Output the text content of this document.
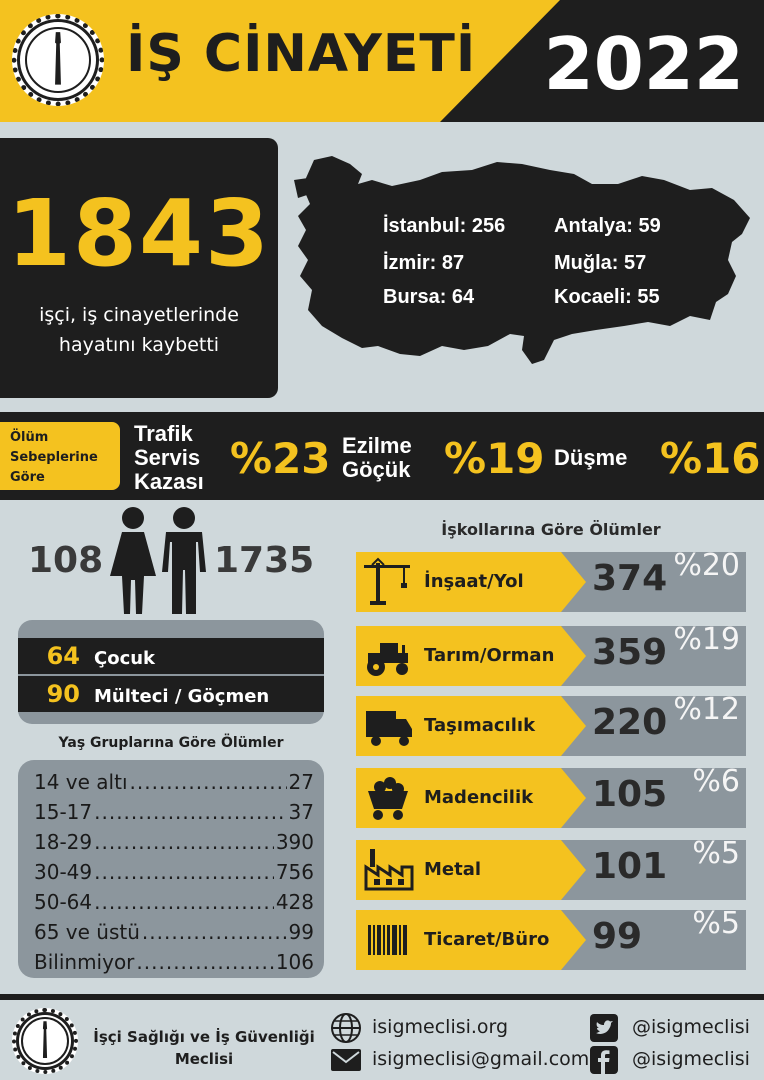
İŞ CİNAYETİ 2022
1843
işçi, iş cinayetlerinde
hayatını kaybetti
İstanbul: 256
İzmir: 87
Bursa: 64
Antalya: 59
Muğla: 57
Kocaeli: 55
Ölüm
Sebeplerine
Göre
Trafik
Servis
Kazası %23 Ezilme
Göçük %19 Düşme %16
108	1735
64 Çocuk
90 Mülteci / Göçmen
Yaş Gruplarına Göre Ölümler
14 ve altı .....	27
15-17 .....	37
18-29 .....	390
30-49 .....	756
50-64 .....	428
65 ve üstü .....	99
Bilinmiyor .....	106
İşkollarına Göre Ölümler
İnşaat/Yol 374 %20
Tarım/Orman 359 %19
Taşımacılık 220 %12
Madencilik 105 %6
Metal	101 %5
Ticaret/Büro 99 %5
İşçi Sağlığı ve İş Güvenliği
Meclisi
isigmeclisi.org
isigmeclisi@gmail.com
@isigmeclisi
@isigmeclisi
